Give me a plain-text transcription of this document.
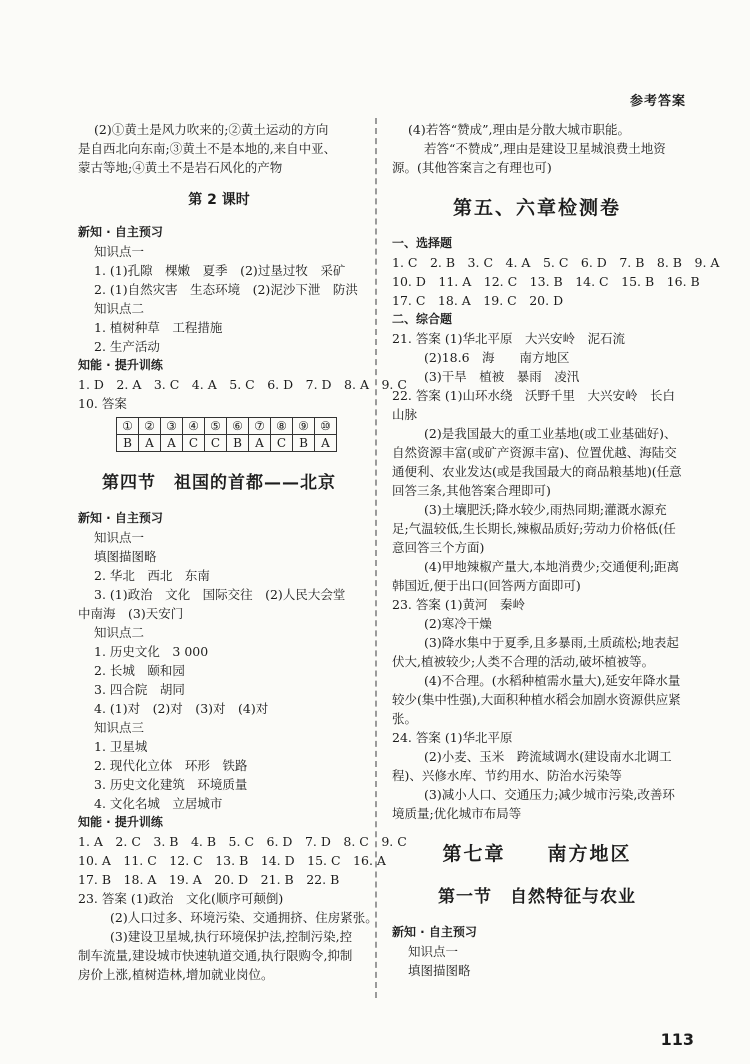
参考答案
(2)①黄土是风力吹来的;②黄土运动的方向
是自西北向东南;③黄土不是本地的,来自中亚、
蒙古等地;④黄土不是岩石风化的产物
第 2 课时
新知 · 自主预习
知识点一
1. (1)孔隙　棵嫩　夏季　(2)过垦过牧　采矿
2. (1)自然灾害　生态环境　(2)泥沙下泄　防洪
知识点二
1. 植树种草　工程措施
2. 生产活动
知能 · 提升训练
1. D　2. A　3. C　4. A　5. C　6. D　7. D　8. A　9. C
10. 答案
①	②	③	④	⑤	⑥	⑦	⑧	⑨	⑩
B	A	A	C	C	B	A	C	B	A
第四节　祖国的首都——北京
新知 · 自主预习
知识点一
填图描图略
2. 华北　西北　东南
3. (1)政治　文化　国际交往　(2)人民大会堂
中南海　(3)天安门
知识点二
1. 历史文化　3 000
2. 长城　颐和园
3. 四合院　胡同
4. (1)对　(2)对　(3)对　(4)对
知识点三
1. 卫星城
2. 现代化立体　环形　铁路
3. 历史文化建筑　环境质量
4. 文化名城　立居城市
知能 · 提升训练
1. A　2. C　3. B　4. B　5. C　6. D　7. D　8. C　9. C
10. A　11. C　12. C　13. B　14. D　15. C　16. A
17. B　18. A　19. A　20. D　21. B　22. B
23. 答案 (1)政治　文化(顺序可颠倒)
(2)人口过多、环境污染、交通拥挤、住房紧张。
(3)建设卫星城,执行环境保护法,控制污染,控制车流量,建设城市快速轨道交通,执行限购令,抑制房价上涨,植树造林,增加就业岗位。
(4)若答“赞成”,理由是分散大城市职能。
若答“不赞成”,理由是建设卫星城浪费土地资源。(其他答案言之有理也可)
第五、六章检测卷
一、选择题
1. C　2. B　3. C　4. A　5. C　6. D　7. B　8. B　9. A
10. D　11. A　12. C　13. B　14. C　15. B　16. B
17. C　18. A　19. C　20. D
二、综合题
21. 答案 (1)华北平原　大兴安岭　泥石流
(2)18.6　海　　南方地区
(3)干旱　植被　暴雨　凌汛
22. 答案 (1)山环水绕　沃野千里　大兴安岭　长白
山脉
(2)是我国最大的重工业基地(或工业基础好)、自然资源丰富(或矿产资源丰富)、位置优越、海陆交通便利、农业发达(或是我国最大的商品粮基地)(任意回答三条,其他答案合理即可)
(3)土壤肥沃;降水较少,雨热同期;灌溉水源充足;气温较低,生长期长,辣椒品质好;劳动力价格低(任意回答三个方面)
(4)甲地辣椒产量大,本地消费少;交通便利;距离韩国近,便于出口(回答两方面即可)
23. 答案 (1)黄河　秦岭
(2)寒冷干燥
(3)降水集中于夏季,且多暴雨,土质疏松;地表起伏大,植被较少;人类不合理的活动,破坏植被等。
(4)不合理。(水稻种植需水量大),延安年降水量较少(集中性强),大面积种植水稻会加剧水资源供应紧张。
24. 答案 (1)华北平原
(2)小麦、玉米　跨流域调水(建设南水北调工程)、兴修水库、节约用水、防治水污染等
(3)减小人口、交通压力;减少城市污染,改善环境质量;优化城市布局等
第七章　　南方地区
第一节　自然特征与农业
新知 · 自主预习
知识点一
填图描图略
113
